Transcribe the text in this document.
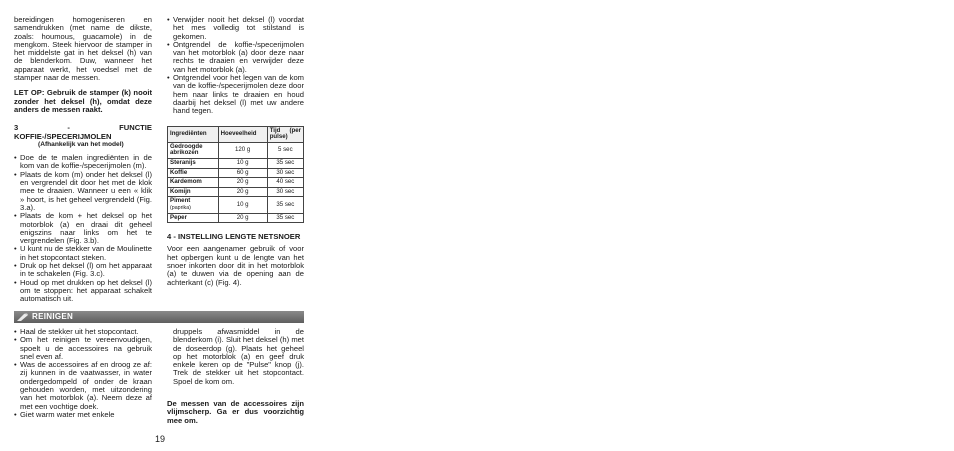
bereidingen homogeniseren en samendrukken (met name de dikste, zoals: houmous, guacamole) in de mengkom. Steek hiervoor de stamper in het middelste gat in het deksel (h) van de blenderkom. Duw, wanneer het apparaat werkt, het voedsel met de stamper naar de messen.

LET OP: Gebruik de stamper (k) nooit zonder het deksel (h), omdat deze anders de messen raakt.

3 - FUNCTIE KOFFIE-/SPECERIJMOLEN

(Afhankelijk van het model)

• Doe de te malen ingrediënten in de kom van de koffie-/specerijmolen (m).
• Plaats de kom (m) onder het deksel (l) en vergrendel dit door het met de klok mee te draaien. Wanneer u een « klik » hoort, is het geheel vergrendeld (Fig. 3.a).
• Plaats de kom + het deksel op het motorblok (a) en draai dit geheel enigszins naar links om het te vergrendelen (Fig. 3.b).
• U kunt nu de stekker van de Moulinette in het stopcontact steken.
• Druk op het deksel (l) om het apparaat in te schakelen (Fig. 3.c).
• Houd op met drukken op het deksel (l) om te stoppen: het apparaat schakelt automatisch uit.
• Verwijder nooit het deksel (l) voordat het mes volledig tot stilstand is gekomen.
• Ontgrendel de koffie-/specerijmolen van het motorblok (a) door deze naar rechts te draaien en verwijder deze van het motorblok (a).
• Ontgrendel voor het legen van de kom van de koffie-/specerijmolen deze door hem naar links te draaien en houd daarbij het deksel (l) met uw andere hand tegen.
Ingrediënten	Hoeveelheid	Tijd (per pulse)
Gedroogde abrikozen	120 g	5 sec
Steranijs	10 g	35 sec
Koffie	60 g	30 sec
Kardemom	20 g	40 sec
Komijn	20 g	30 sec
Piment
(paprika)	10 g	35 sec
Peper	20 g	35 sec

4 - INSTELLING LENGTE NETSNOER

Voor een aangenamer gebruik of voor het opbergen kunt u de lengte van het snoer inkorten door dit in het motorblok (a) te duwen via de opening aan de achterkant (c) (Fig. 4).

REINIGEN
• Haal de stekker uit het stopcontact.
• Om het reinigen te vereenvoudigen, spoelt u de accessoires na gebruik snel even af.
• Was de accessoires af en droog ze af: zij kunnen in de vaatwasser, in water ondergedompeld of onder de kraan gehouden worden, met uitzondering van het motorblok (a). Neem deze af met een vochtige doek.
• Giet warm water met enkele

druppels afwasmiddel in de blenderkom (i). Sluit het deksel (h) met de doseerdop (g). Plaats het geheel op het motorblok (a) en geef druk enkele keren op de "Pulse" knop (j). Trek de stekker uit het stopcontact. Spoel de kom om.

De messen van de accessoires zijn vlijmscherp. Ga er dus voorzichtig mee om.

19
